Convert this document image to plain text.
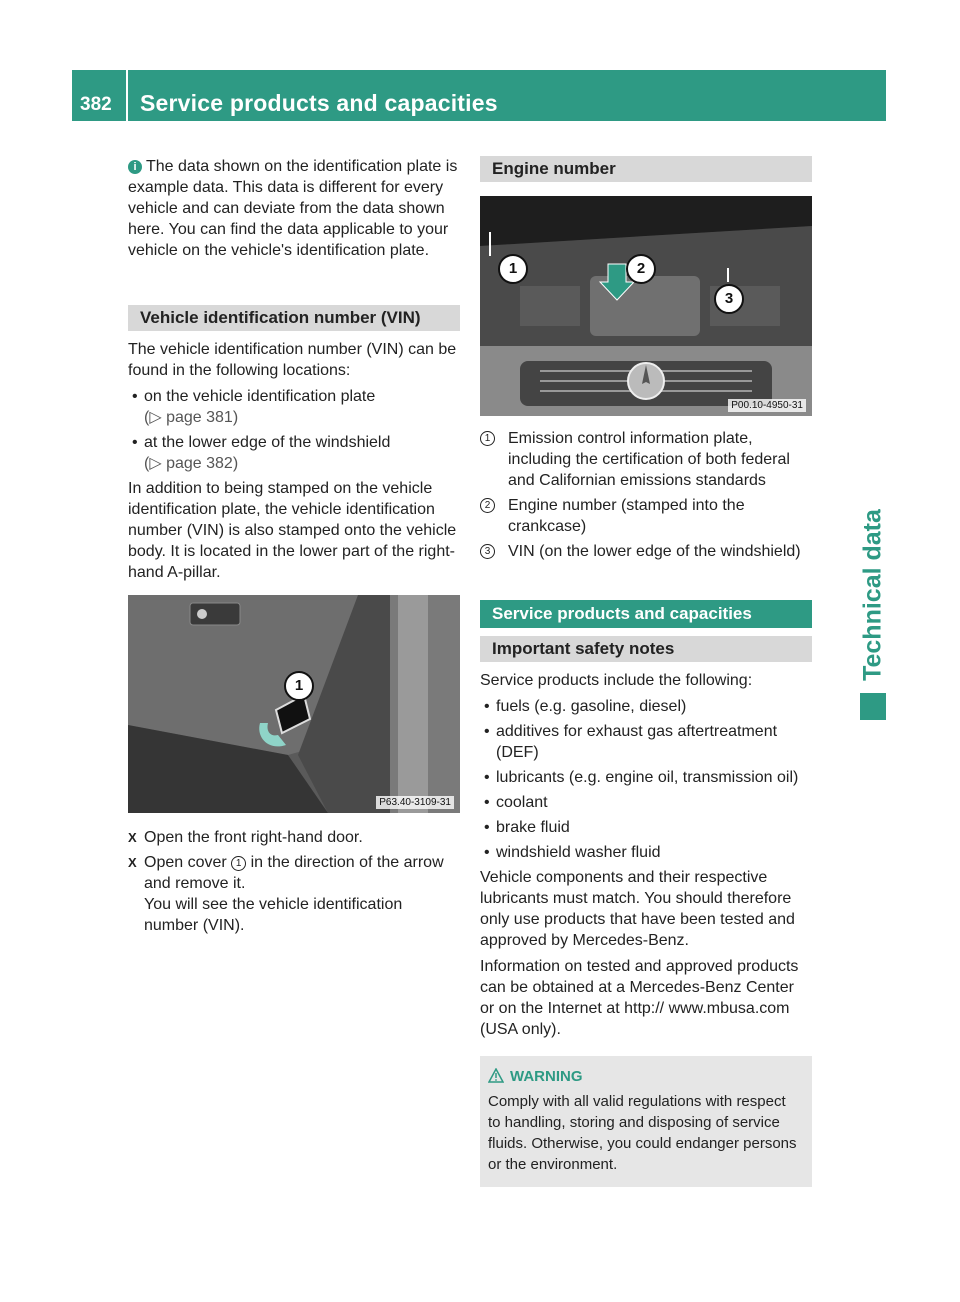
382 Service products and capacities
Technical data

i The data shown on the identification plate is example data. This data is different for every vehicle and can deviate from the data shown here. You can find the data applicable to your vehicle on the vehicle's identification plate.

Vehicle identification number (VIN)

The vehicle identification number (VIN) can be found in the following locations:

• on the vehicle identification plate
(▷ page 381)
• at the lower edge of the windshield
(▷ page 382)

In addition to being stamped on the vehicle identification plate, the vehicle identification number (VIN) is also stamped onto the vehicle body. It is located in the lower part of the right-hand A-pillar.

1
P63.40-3109-31
X Open the front right-hand door.
X Open cover 1 in the direction of the arrow and remove it.
You will see the vehicle identification number (VIN).
Engine number
1	2
3
P00.10-4950-31
1 Emission control information plate, including the certification of both federal and Californian emissions standards
2 Engine number (stamped into the crankcase)
3 VIN (on the lower edge of the windshield)
Service products and capacities
Important safety notes

Service products include the following:

• fuels (e.g. gasoline, diesel)
• additives for exhaust gas aftertreatment (DEF)
• lubricants (e.g. engine oil, transmission oil)
• coolant
• brake fluid
• windshield washer fluid

Vehicle components and their respective lubricants must match. You should therefore only use products that have been tested and approved by Mercedes-Benz.

Information on tested and approved products can be obtained at a Mercedes-Benz Center or on the Internet at http:// www.mbusa.com (USA only).

WARNING
Comply with all valid regulations with respect to handling, storing and disposing of service fluids. Otherwise, you could endanger persons or the environment.
